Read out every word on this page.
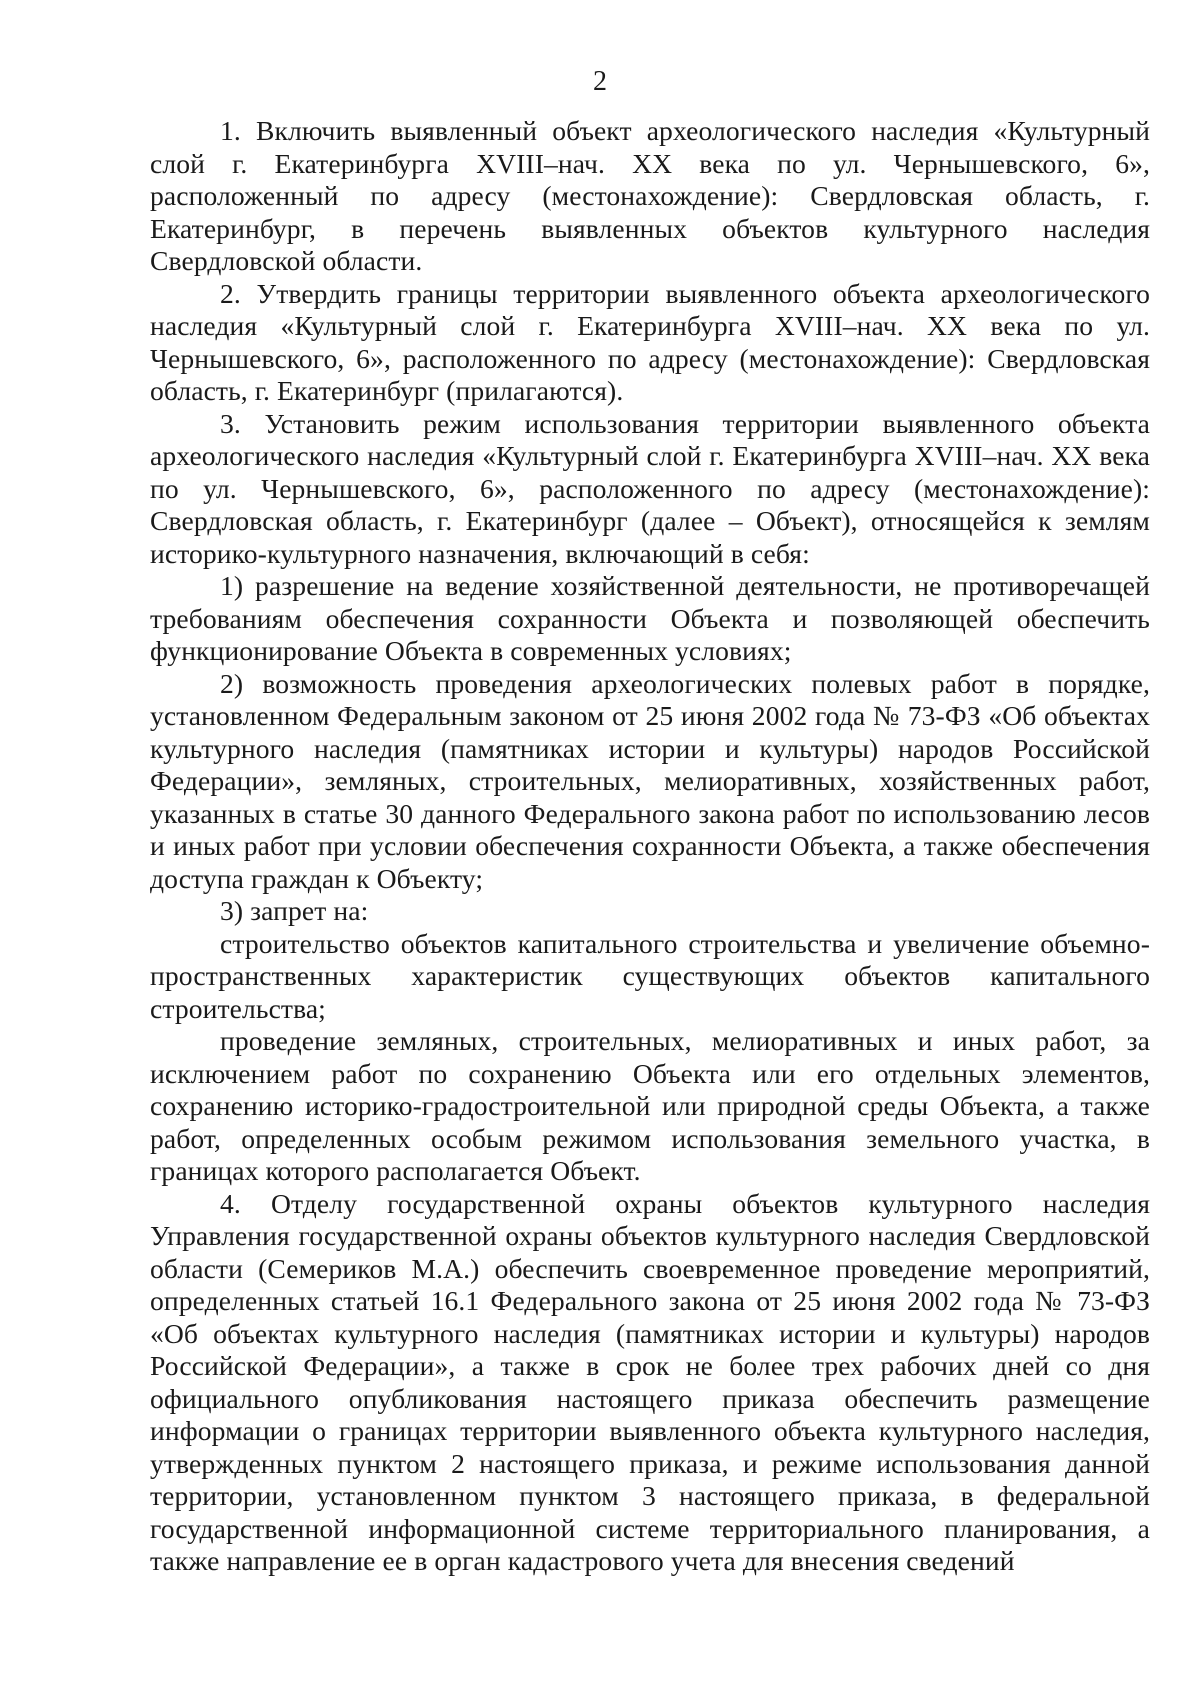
2

1. Включить выявленный объект археологического наследия «Культурный слой г. Екатеринбурга XVIII–нач. XX века по ул. Чернышевского, 6», расположенный по адресу (местонахождение): Свердловская область, г. Екатеринбург, в перечень выявленных объектов культурного наследия Свердловской области.

2. Утвердить границы территории выявленного объекта археологического наследия «Культурный слой г. Екатеринбурга XVIII–нач. XX века по ул. Чернышевского, 6», расположенного по адресу (местонахождение): Свердловская область, г. Екатеринбург (прилагаются).

3. Установить режим использования территории выявленного объекта археологического наследия «Культурный слой г. Екатеринбурга XVIII–нач. XX века по ул. Чернышевского, 6», расположенного по адресу (местонахождение): Свердловская область, г. Екатеринбург (далее – Объект), относящейся к землям историко-культурного назначения, включающий в себя:

1) разрешение на ведение хозяйственной деятельности, не противоречащей требованиям обеспечения сохранности Объекта и позволяющей обеспечить функционирование Объекта в современных условиях;

2) возможность проведения археологических полевых работ в порядке, установленном Федеральным законом от 25 июня 2002 года № 73-ФЗ «Об объектах культурного наследия (памятниках истории и культуры) народов Российской Федерации», земляных, строительных, мелиоративных, хозяйственных работ, указанных в статье 30 данного Федерального закона работ по использованию лесов и иных работ при условии обеспечения сохранности Объекта, а также обеспечения доступа граждан к Объекту;

3) запрет на:

строительство объектов капитального строительства и увеличение объемно-пространственных характеристик существующих объектов капитального строительства;

проведение земляных, строительных, мелиоративных и иных работ, за исключением работ по сохранению Объекта или его отдельных элементов, сохранению историко-градостроительной или природной среды Объекта, а также работ, определенных особым режимом использования земельного участка, в границах которого располагается Объект.

4. Отделу государственной охраны объектов культурного наследия Управления государственной охраны объектов культурного наследия Свердловской области (Семериков М.А.) обеспечить своевременное проведение мероприятий, определенных статьей 16.1 Федерального закона от 25 июня 2002 года № 73-ФЗ «Об объектах культурного наследия (памятниках истории и культуры) народов Российской Федерации», а также в срок не более трех рабочих дней со дня официального опубликования настоящего приказа обеспечить размещение информации о границах территории выявленного объекта культурного наследия, утвержденных пунктом 2 настоящего приказа, и режиме использования данной территории, установленном пунктом 3 настоящего приказа, в федеральной государственной информационной системе территориального планирования, а также направление ее в орган кадастрового учета для внесения сведений
